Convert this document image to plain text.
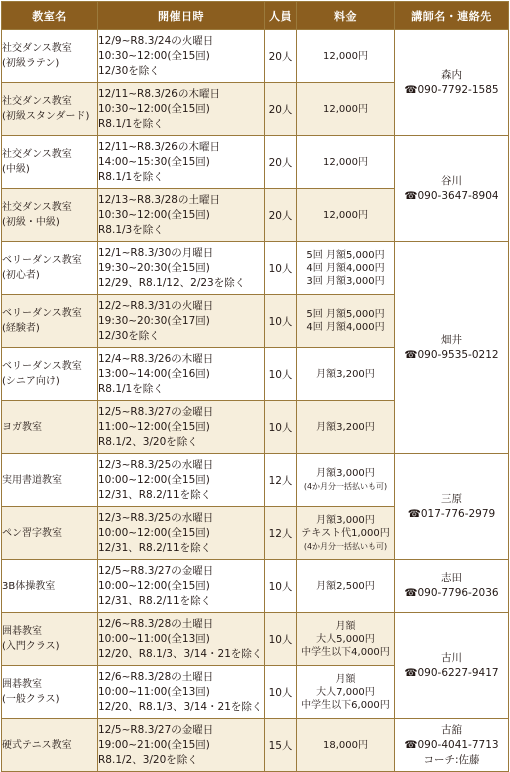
教室名	開催日時	人員	料金	講師名・連絡先

社交ダンス教室
(初級ラテン)	12/9~R8.3/24の火曜日
10:30~12:00(全15回)
12/30を除く	20人	12,000円	森内
☎090-7792-1585

社交ダンス教室
(初級スタンダード)	12/11~R8.3/26の木曜日
10:30~12:00(全15回)
R8.1/1を除く	20人	12,000円	

社交ダンス教室
(中級)	12/11~R8.3/26の木曜日
14:00~15:30(全15回)
R8.1/1を除く	20人	12,000円	谷川
☎090-3647-8904

社交ダンス教室
(初級・中級)	12/13~R8.3/28の土曜日
10:30~12:00(全15回)
R8.1/3を除く	20人	12,000円	

ベリーダンス教室
(初心者)	12/1~R8.3/30の月曜日
19:30~20:30(全15回)
12/29、R8.1/12、2/23を除く	10人	5回 月額5,000円
4回 月額4,000円
3回 月額3,000円	畑井
☎090-9535-0212

ベリーダンス教室
(経験者)	12/2~R8.3/31の火曜日
19:30~20:30(全17回)
12/30を除く	10人	5回 月額5,000円
4回 月額4,000円	

ベリーダンス教室
(シニア向け)	12/4~R8.3/26の木曜日
13:00~14:00(全16回)
R8.1/1を除く	10人	月額3,200円	

ヨガ教室	12/5~R8.3/27の金曜日
11:00~12:00(全15回)
R8.1/2、3/20を除く	10人	月額3,200円	

実用書道教室	12/3~R8.3/25の水曜日
10:00~12:00(全15回)
12/31、R8.2/11を除く	12人	月額3,000円
(4か月分一括払いも可)	三原
☎017-776-2979

ペン習字教室	12/3~R8.3/25の水曜日
10:00~12:00(全15回)
12/31、R8.2/11を除く	12人	月額3,000円
テキスト代1,000円
(4か月分一括払いも可)	

3B体操教室	12/5~R8.3/27の金曜日
10:00~12:00(全15回)
12/31、R8.2/11を除く	10人	月額2,500円	志田
☎090-7796-2036

囲碁教室
(入門クラス)	12/6~R8.3/28の土曜日
10:00~11:00(全13回)
12/20、R8.1/3、3/14・21を除く	10人	月額
大人5,000円
中学生以下4,000円	古川
☎090-6227-9417

囲碁教室
(一般クラス)	12/6~R8.3/28の土曜日
10:00~11:00(全13回)
12/20、R8.1/3、3/14・21を除く	10人	月額
大人7,000円
中学生以下6,000円	

硬式テニス教室	12/5~R8.3/27の金曜日
19:00~21:00(全15回)
R8.1/2、3/20を除く	15人	18,000円	古舘
☎090-4041-7713
コーチ:佐藤
